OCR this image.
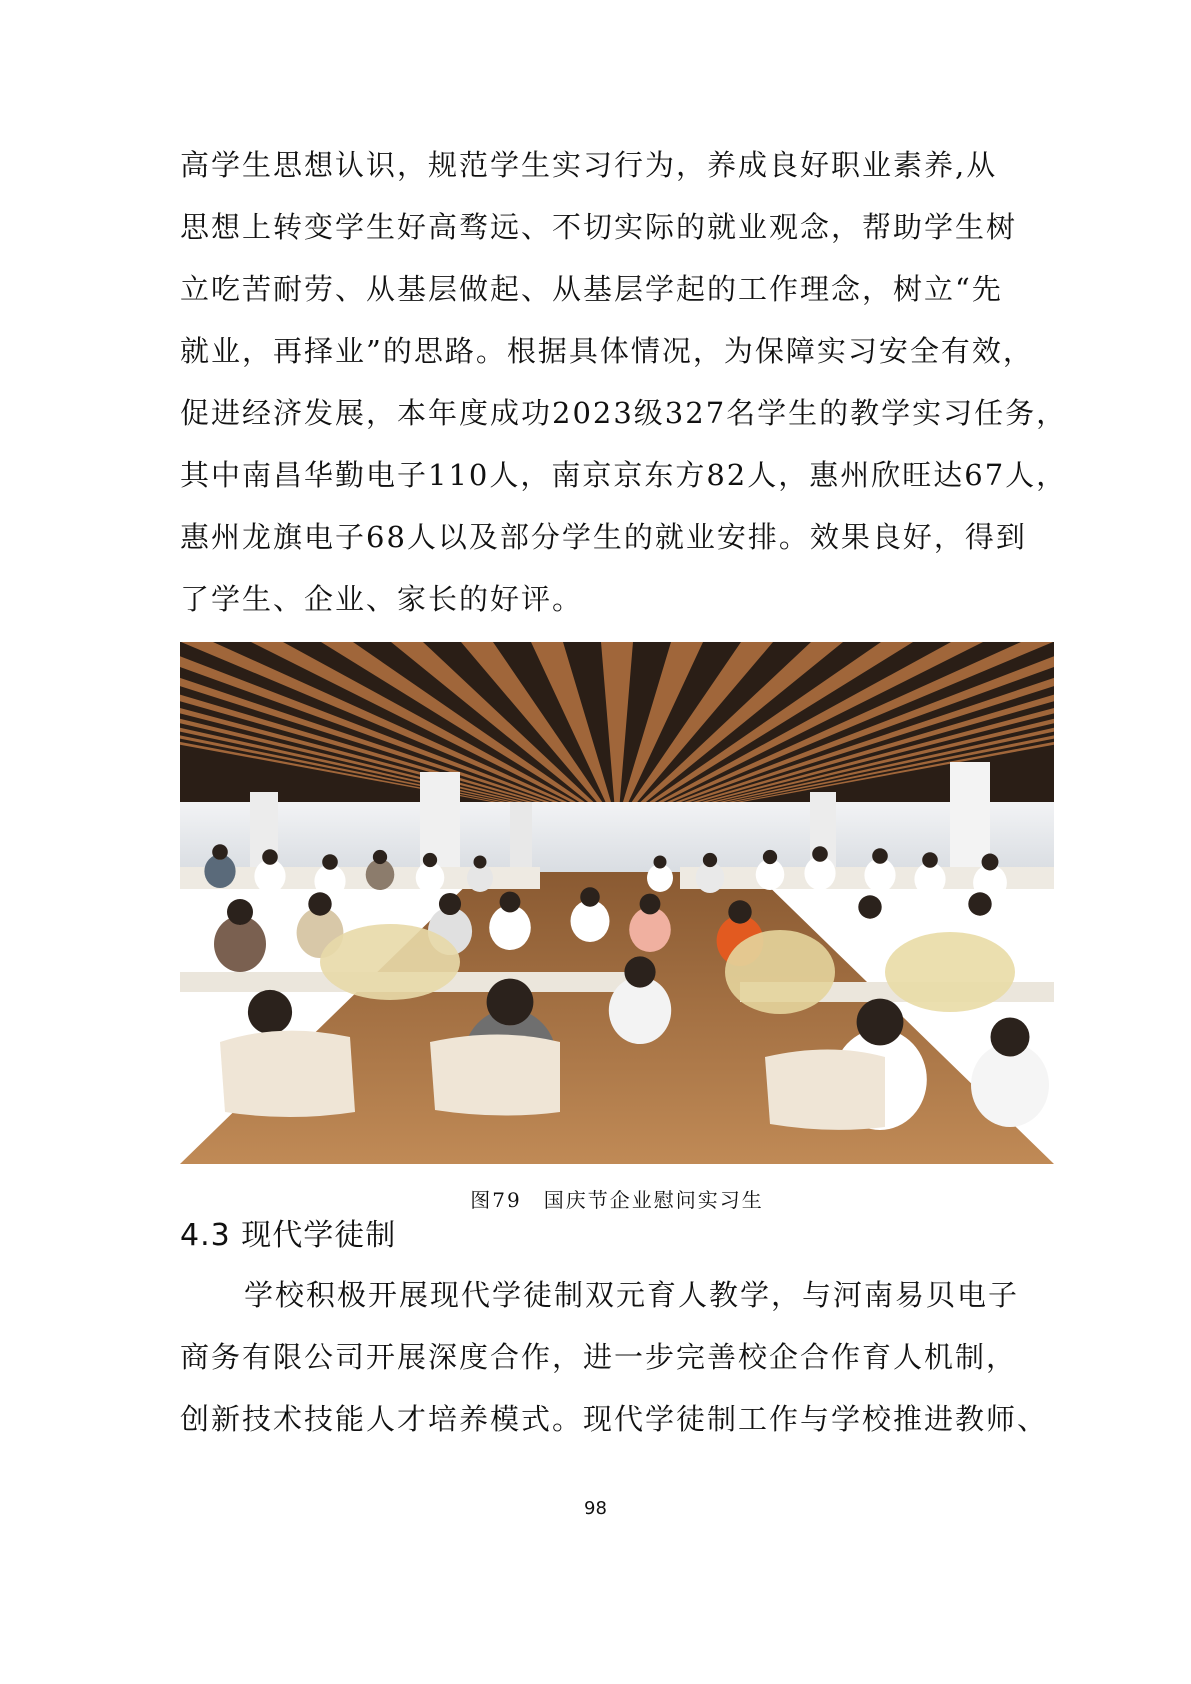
高学生思想认识，规范学生实习行为，养成良好职业素养,从
思想上转变学生好高骛远、不切实际的就业观念，帮助学生树
立吃苦耐劳、从基层做起、从基层学起的工作理念，树立“先
就业，再择业”的思路。根据具体情况，为保障实习安全有效，
促进经济发展，本年度成功2023级327名学生的教学实习任务，
其中南昌华勤电子110人，南京京东方82人，惠州欣旺达67人，
惠州龙旗电子68人以及部分学生的就业安排。效果良好，得到
了学生、企业、家长的好评。
图79　国庆节企业慰问实习生
4.3 现代学徒制
学校积极开展现代学徒制双元育人教学，与河南易贝电子
商务有限公司开展深度合作，进一步完善校企合作育人机制，
创新技术技能人才培养模式。现代学徒制工作与学校推进教师、
98
